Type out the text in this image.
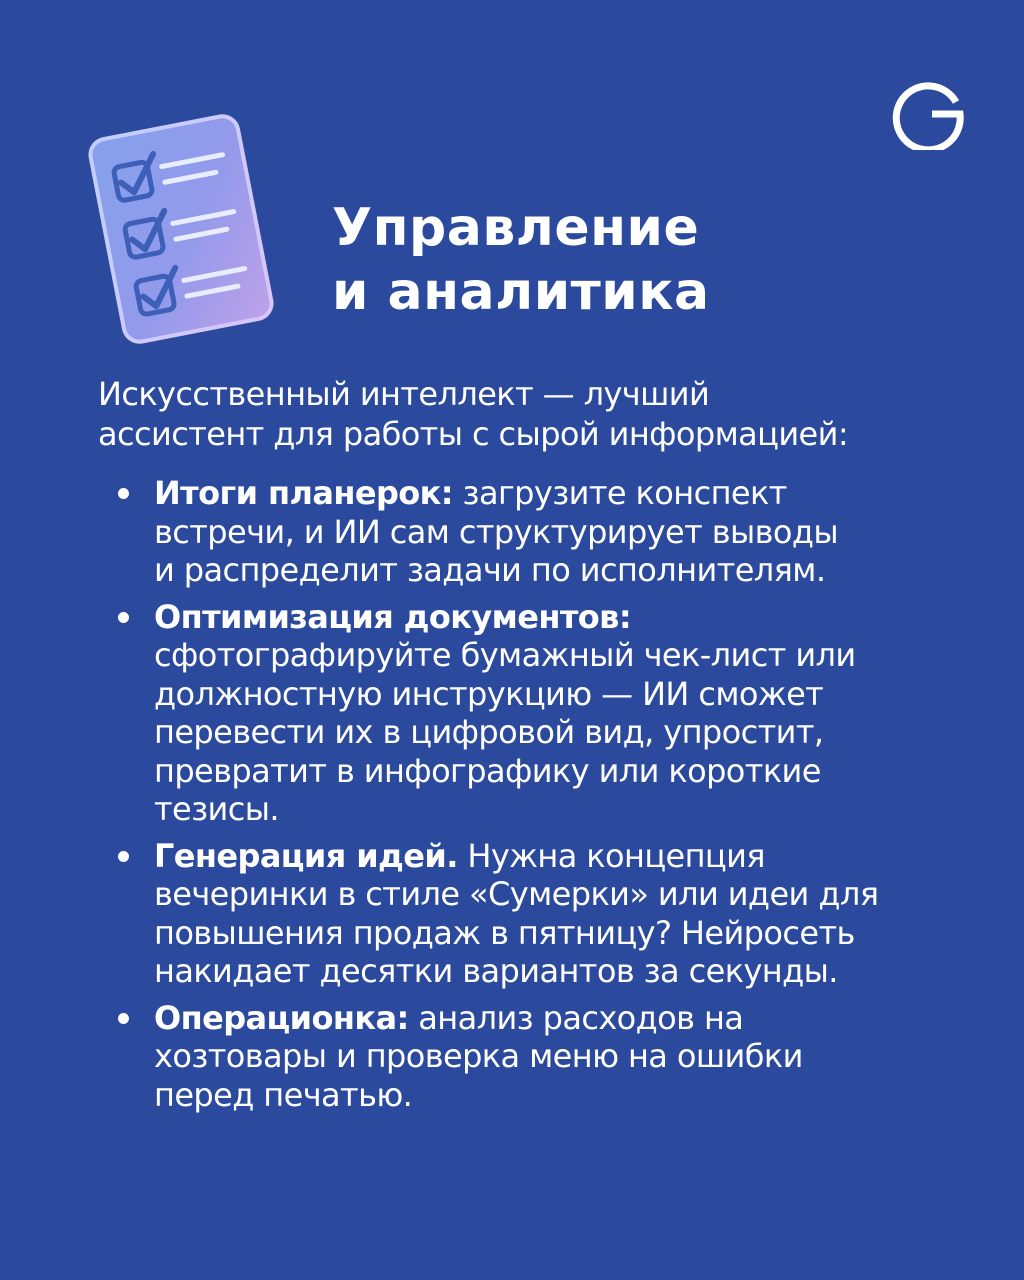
Управление
и аналитика

Искусственный интеллект — лучший
ассистент для работы с сырой информацией:

Итоги планерок: загрузите конспект
встречи, и ИИ сам структурирует выводы
и распределит задачи по исполнителям.
Оптимизация документов:
сфотографируйте бумажный чек-лист или
должностную инструкцию — ИИ сможет
перевести их в цифровой вид, упростит,
превратит в инфографику или короткие
тезисы.
Генерация идей. Нужна концепция
вечеринки в стиле «Сумерки» или идеи для
повышения продаж в пятницу? Нейросеть
накидает десятки вариантов за секунды.
Операционка: анализ расходов на
хозтовары и проверка меню на ошибки
перед печатью.
